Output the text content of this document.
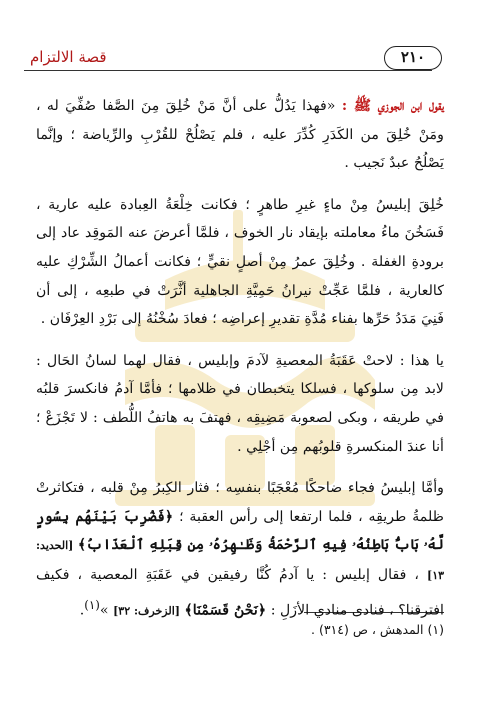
٢١٠
قصة الالتزام

يقول ابن الجوزي ﷺ : «فهذا يَدُلُّ على أنَّ مَنْ خُلِقَ مِنَ الصَّفا صُفِّيَ له ، ومَنْ خُلِقَ من الكَدَرِ كُدِّرَ عليه ، فلم يَصْلُحْ للقُرْبِ والرِّياضة ؛ وإنَّما يَصْلُحُ عبدٌ نَجيب .

خُلِقَ إبليسُ مِنْ ماءٍ غيرِ طاهرٍ ؛ فكانت خِلْعَةُ العِبادة عليه عارية ، فَسَخُنَ ماءُ معاملته بإيقاد نار الخوف ، فلمَّا أعرضَ عنه المَوقِد عاد إلى برودةِ الغفلة . وخُلِقَ عمرُ مِنْ أصلٍ نقيٍّ ؛ فكانت أعمالُ الشِّرْكِ عليه كالعارية ، فلمَّا عَجِّتْ نيرانُ حَمِيَّةِ الجاهلية أثَّرَتْ في طبعِه ، إلى أن فَنِيَ مَدَدُ حَرِّها بفناء مُدَّةِ تقديرِ إعراضِه ؛ فعادَ سُخْنُهُ إلى بَرْدِ العِرْفَان .

يا هذا : لاحتْ عَقَبَةُ المعصيةِ لآدمَ وإبليس ، فقال لهما لسانُ الحَال : لابد مِن سلوكها ، فسلكا يتخبطان في ظلامها ؛ فأمَّا آدمُ فانكسرَ قلبُه في طريقه ، وبكى لصعوبة مَضِيقِه ، فهتفَ به هاتفُ اللُّطف : لا تَجْزَعْ ؛ أنا عندَ المنكسرةِ قلوبُهم مِن أجْلِي .

وأمَّا إبليسُ فجاء ضاحكًا مُعْجَبًا بنفسِه ؛ فثار الكِبرُ مِنْ قلبه ، فتكاثرتْ ظلمةُ طريقِه ، فلما ارتفعا إلى رأس العقبة ؛ ﴿فَضُرِبَ بَيْنَهُم بِسُورٍ لَّهُۥ بَابٌۢ بَاطِنُهُۥ فِيهِ ٱلرَّحْمَةُ وَظَـٰهِرُهُۥ مِن قِبَلِهِ ٱلْعَذَابُ﴾ [الحديد: ١٣] ، فقال إبليس : يا آدمُ كُنَّا رفيقين في عَقَبَةِ المعصية ، فكيف افترقنا؟ ، فنادى منادي الأزَلِ : ﴿نَحْنُ قَسَمْنَا﴾ [الزخرف: ٣٢] »$^{(١)}$.

(١) المدهش ، ص (٣١٤) .
